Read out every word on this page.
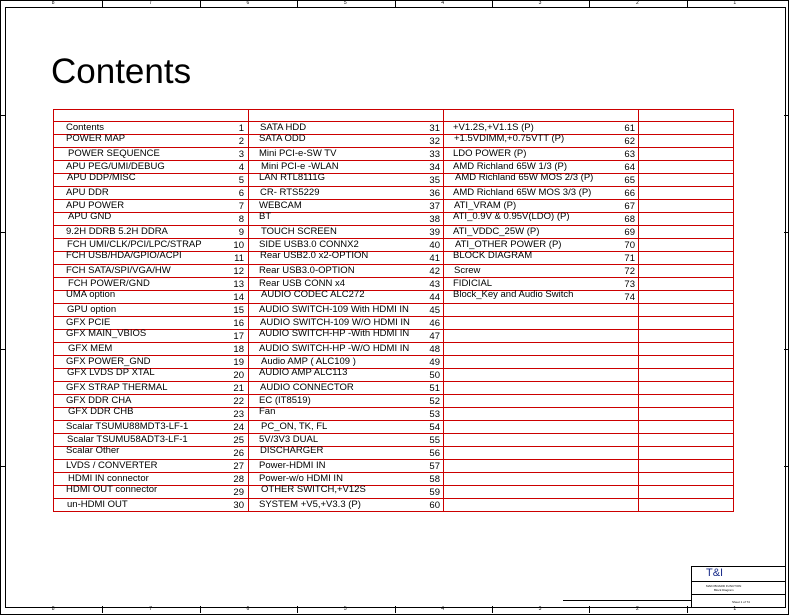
8	7	6	5	4	3	2	1
8	7	6	5	4	3	2	1
Contents
Contents	1
POWER MAP	2
POWER SEQUENCE	3
APU PEG/UMI/DEBUG	4
APU DDP/MISC	5
APU DDR	6
APU POWER	7
APU GND	8
9.2H DDRB 5.2H DDRA	9
FCH UMI/CLK/PCI/LPC/STRAP	10
FCH USB/HDA/GPIO/ACPI	11
FCH SATA/SPI/VGA/HW	12
FCH POWER/GND	13
UMA option	14
GPU option	15
GFX PCIE	16
GFX MAIN_VBIOS	17
GFX MEM	18
GFX POWER_GND	19
GFX LVDS DP XTAL	20
GFX STRAP THERMAL	21
GFX DDR CHA	22
GFX DDR CHB	23
Scalar TSUMU88MDT3-LF-1	24
Scalar TSUMU58ADT3-LF-1	25
Scalar Other	26
LVDS / CONVERTER	27
HDMI IN connector	28
HDMI OUT connector	29
un-HDMI OUT	30
SATA HDD	31
SATA ODD	32
Mini PCI-e-SW TV	33
Mini PCI-e -WLAN	34
LAN RTL8111G	35
CR- RTS5229	36
WEBCAM	37
BT	38
TOUCH SCREEN	39
SIDE USB3.0 CONNX2	40
Rear USB2.0 x2-OPTION	41
Rear USB3.0-OPTION	42
Rear USB CONN x4	43
AUDIO CODEC ALC272	44
AUDIO SWITCH-109 With HDMI IN	45
AUDIO SWITCH-109 W/O HDMI IN	46
AUDIO SWITCH-HP -With HDMI IN	47
AUDIO SWITCH-HP -W/O HDMI IN	48
Audio AMP ( ALC109 )	49
AUDIO AMP ALC113	50
AUDIO CONNECTOR	51
EC (IT8519)	52
Fan	53
PC_ON, TK, FL	54
5V/3V3 DUAL	55
DISCHARGER	56
Power-HDMI IN	57
Power-w/o HDMI IN	58
OTHER SWITCH,+V12S	59
SYSTEM +V5,+V3.3 (P)	60
+V1.2S,+V1.1S (P)	61
+1.5VDIMM,+0.75VTT (P)	62
LDO POWER (P)	63
AMD Richland 65W 1/3 (P)	64
AMD Richland 65W MOS 2/3 (P)	65
AMD Richland 65W MOS 3/3 (P)	66
ATI_VRAM (P)	67
ATI_0.9V & 0.95V(LDO) (P)	68
ATI_VDDC_25W (P)	69
ATI_OTHER POWER (P)	70
BLOCK DIAGRAM	71
Screw	72
FIDICIAL	73
Block_Key and Audio Switch	74
T&I
MAIN BOARD FUNCTION
Block Diagram
Sheet 1 of 74
